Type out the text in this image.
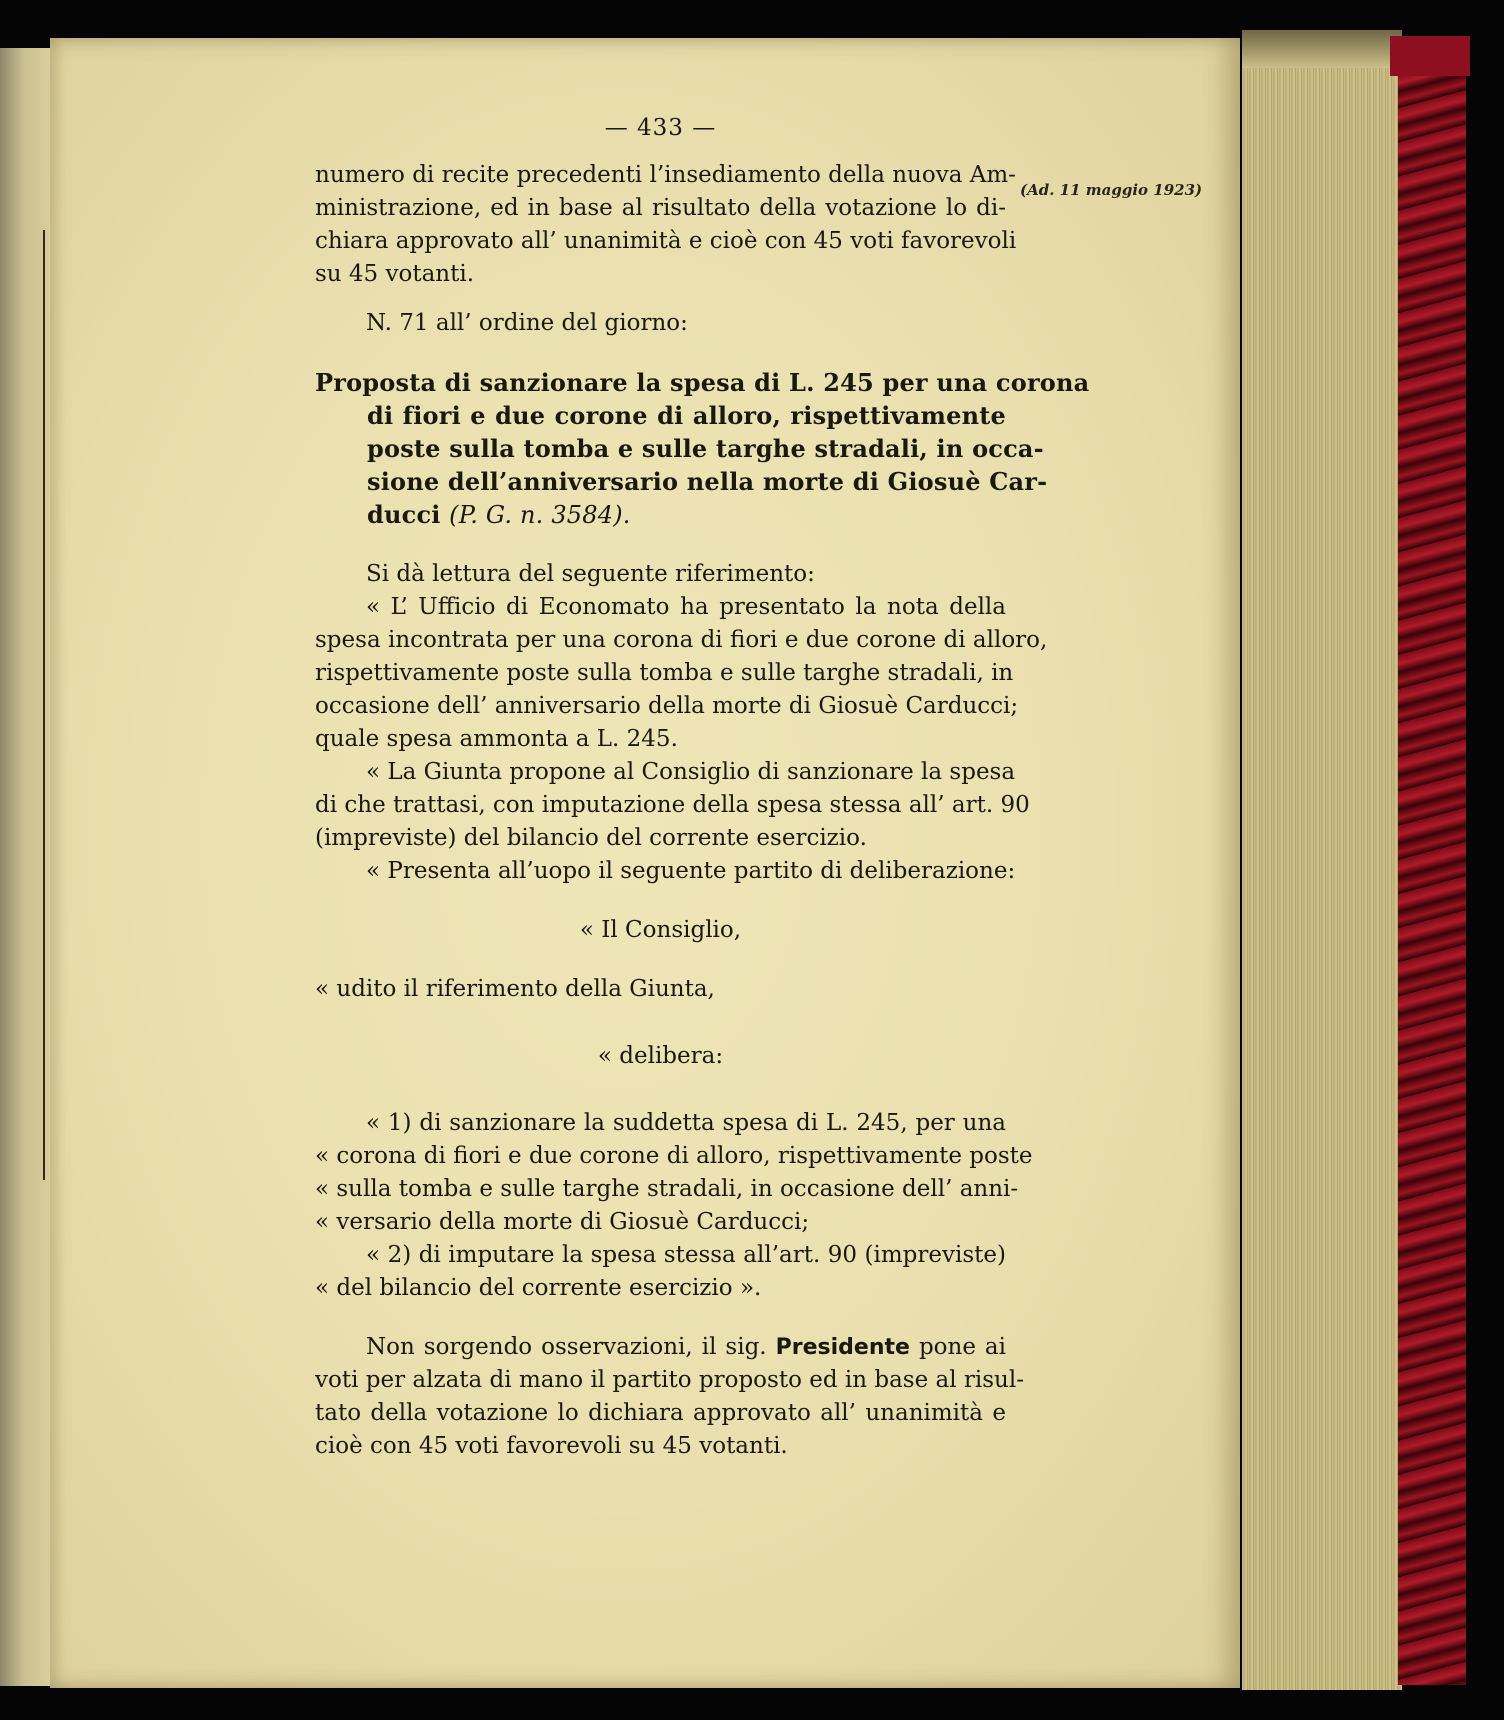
(Ad. 11 maggio 1923)
— 433 —
numero di recite precedenti l’insediamento della nuova Am-
ministrazione, ed in base al risultato della votazione lo di-
chiara approvato all’ unanimità e cioè con 45 voti favorevoli
su 45 votanti.
N. 71 all’ ordine del giorno:
Proposta di sanzionare la spesa di L. 245 per una corona
di fiori e due corone di alloro, rispettivamente
poste sulla tomba e sulle targhe stradali, in occa-
sione dell’anniversario nella morte di Giosuè Car-
ducci (P. G. n. 3584).
Si dà lettura del seguente riferimento:
« L’ Ufficio di Economato ha presentato la nota della
spesa incontrata per una corona di fiori e due corone di alloro,
rispettivamente poste sulla tomba e sulle targhe stradali, in
occasione dell’ anniversario della morte di Giosuè Carducci;
quale spesa ammonta a L. 245.
« La Giunta propone al Consiglio di sanzionare la spesa
di che trattasi, con imputazione della spesa stessa all’ art. 90
(impreviste) del bilancio del corrente esercizio.
« Presenta all’uopo il seguente partito di deliberazione:
« Il Consiglio,
« udito il riferimento della Giunta,
« delibera:
« 1) di sanzionare la suddetta spesa di L. 245, per una
« corona di fiori e due corone di alloro, rispettivamente poste
« sulla tomba e sulle targhe stradali, in occasione dell’ anni-
« versario della morte di Giosuè Carducci;
« 2) di imputare la spesa stessa all’art. 90 (impreviste)
« del bilancio del corrente esercizio ».
Non sorgendo osservazioni, il sig. Presidente pone ai
voti per alzata di mano il partito proposto ed in base al risul-
tato della votazione lo dichiara approvato all’ unanimità e
cioè con 45 voti favorevoli su 45 votanti.
